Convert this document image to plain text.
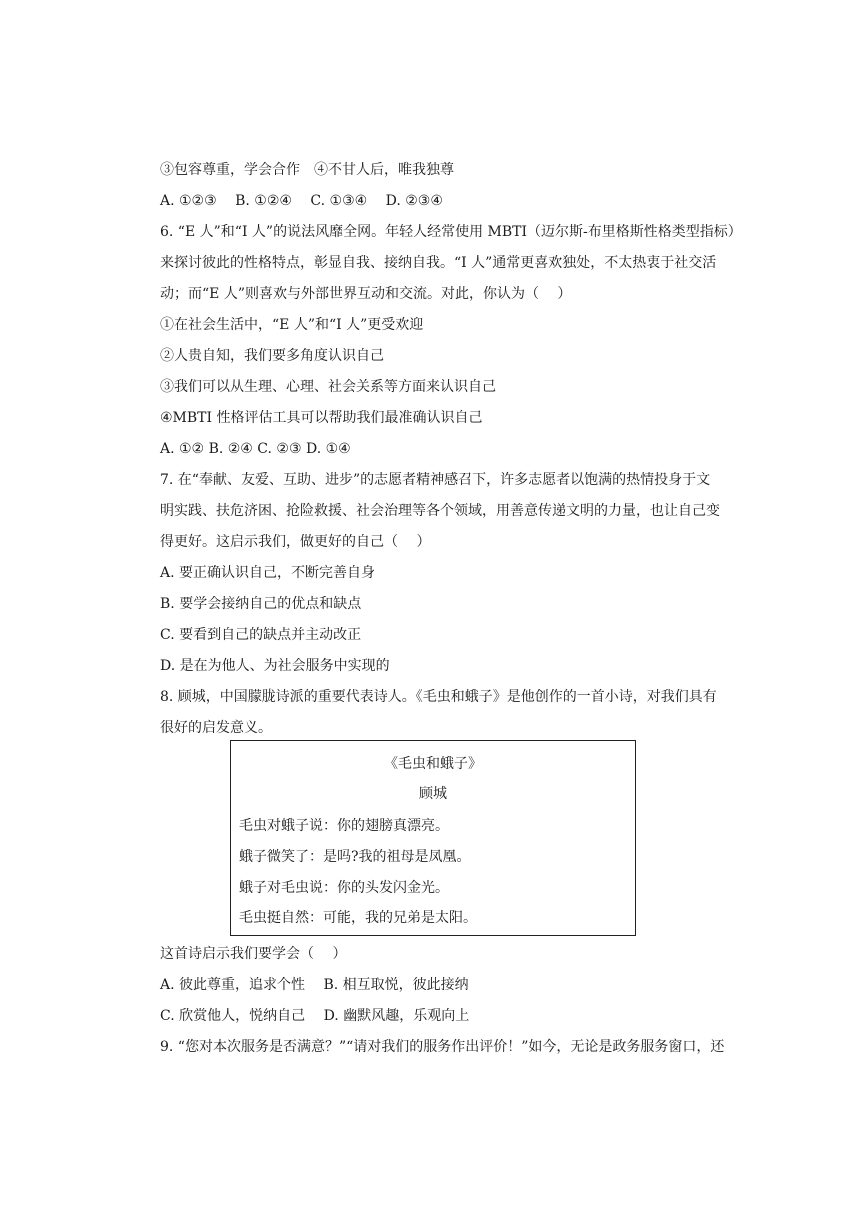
③包容尊重，学会合作　④不甘人后，唯我独尊
A. ①②③　 B. ①②④　 C. ①③④　 D. ②③④
6. “E 人”和“I 人”的说法风靡全网。年轻人经常使用 MBTI（迈尔斯-布里格斯性格类型指标）
来探讨彼此的性格特点，彰显自我、接纳自我。“I 人”通常更喜欢独处，不太热衷于社交活
动；而“E 人”则喜欢与外部世界互动和交流。对此，你认为（　 ）
①在社会生活中，“E 人”和“I 人”更受欢迎
②人贵自知，我们要多角度认识自己
③我们可以从生理、心理、社会关系等方面来认识自己
④MBTI 性格评估工具可以帮助我们最准确认识自己
A. ①② B. ②④ C. ②③ D. ①④
7. 在“奉献、友爱、互助、进步”的志愿者精神感召下，许多志愿者以饱满的热情投身于文
明实践、扶危济困、抢险救援、社会治理等各个领域，用善意传递文明的力量，也让自己变
得更好。这启示我们，做更好的自己（　 ）
A. 要正确认识自己，不断完善自身
B. 要学会接纳自己的优点和缺点
C. 要看到自己的缺点并主动改正
D. 是在为他人、为社会服务中实现的
8. 顾城，中国朦胧诗派的重要代表诗人。《毛虫和蛾子》是他创作的一首小诗，对我们具有
很好的启发意义。
《毛虫和蛾子》
顾城
毛虫对蛾子说：你的翅膀真漂亮。
蛾子微笑了：是吗?我的祖母是凤凰。
蛾子对毛虫说：你的头发闪金光。
毛虫挺自然：可能，我的兄弟是太阳。
这首诗启示我们要学会（　 ）
A. 彼此尊重，追求个性　 B. 相互取悦，彼此接纳
C. 欣赏他人，悦纳自己　 D. 幽默风趣，乐观向上
9. “您对本次服务是否满意？”“请对我们的服务作出评价！”如今，无论是政务服务窗口，还
